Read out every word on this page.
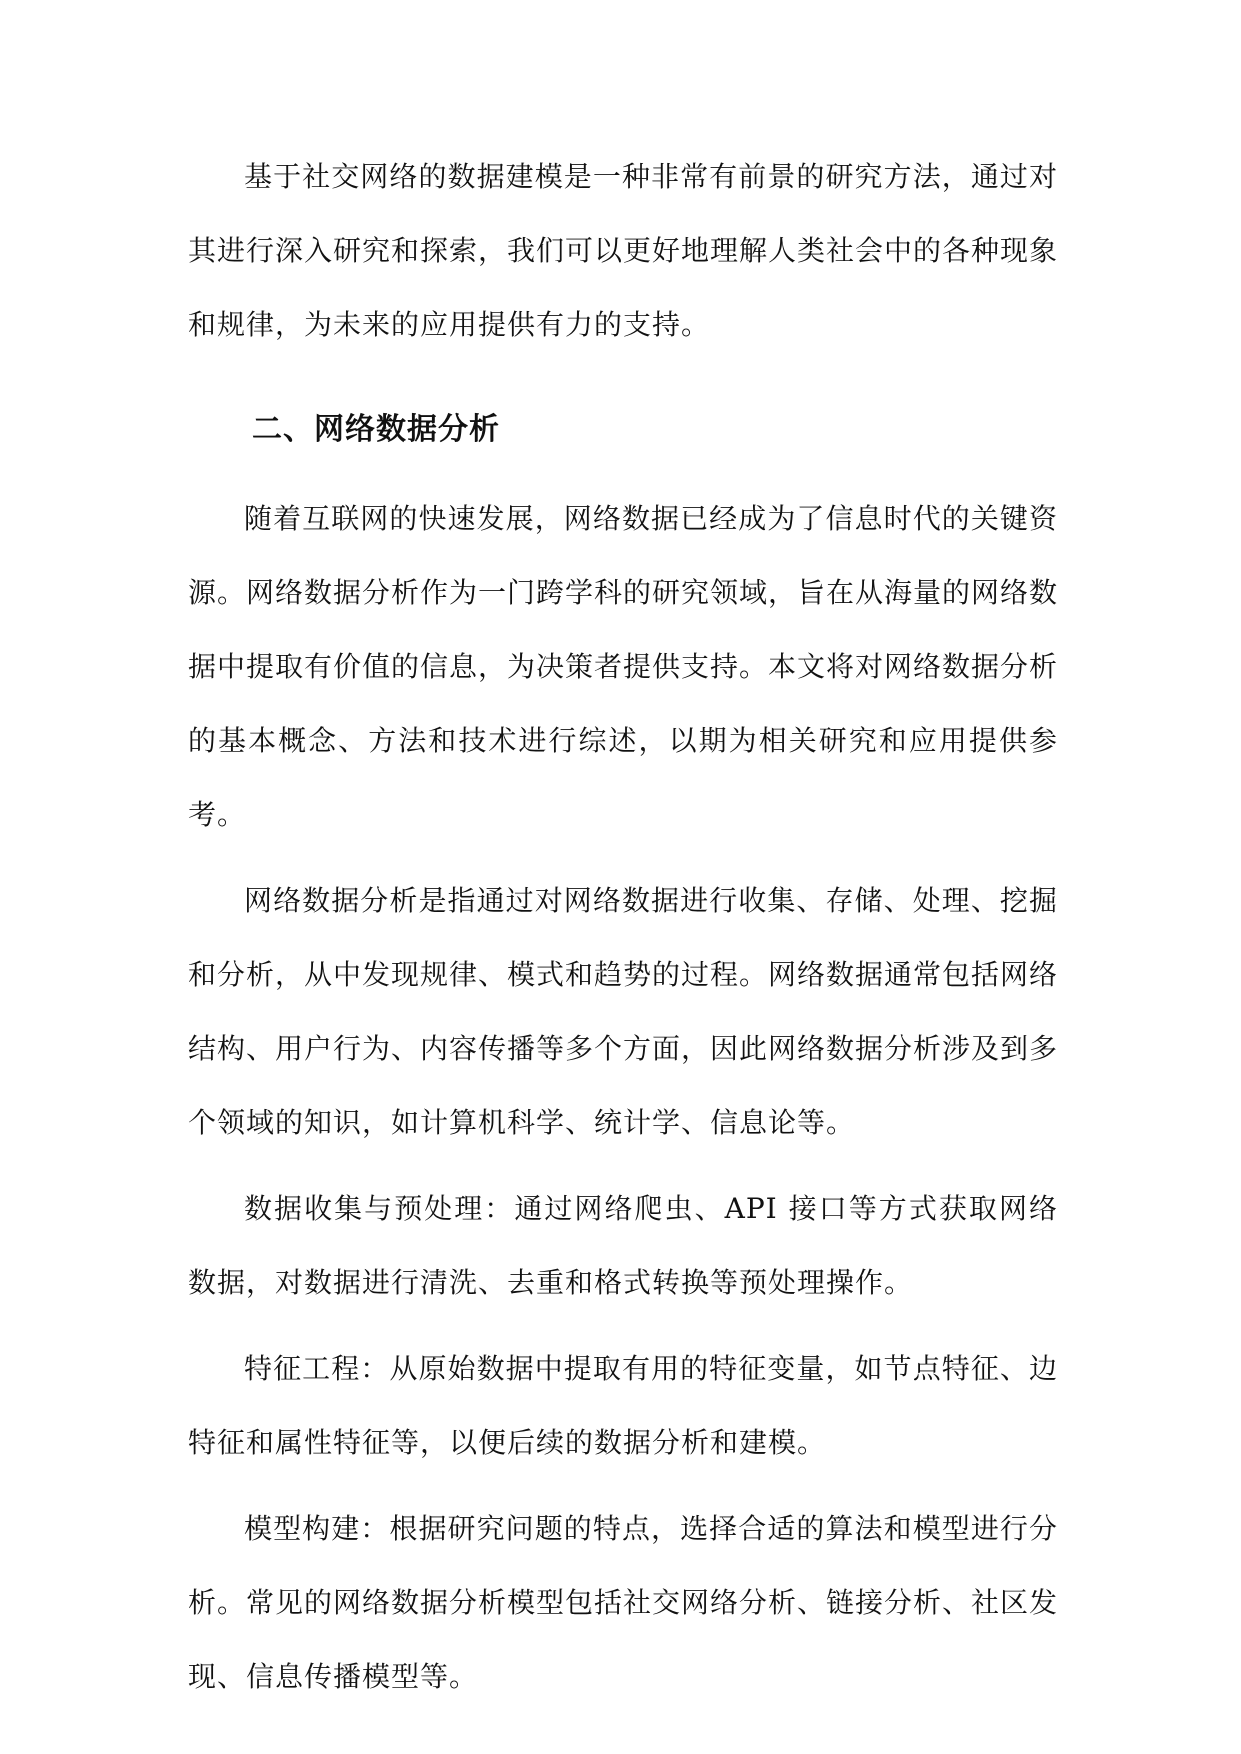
基于社交网络的数据建模是一种非常有前景的研究方法，通过对其进行深入研究和探索，我们可以更好地理解人类社会中的各种现象和规律，为未来的应用提供有力的支持。

二、网络数据分析

随着互联网的快速发展，网络数据已经成为了信息时代的关键资源。网络数据分析作为一门跨学科的研究领域，旨在从海量的网络数据中提取有价值的信息，为决策者提供支持。本文将对网络数据分析的基本概念、方法和技术进行综述，以期为相关研究和应用提供参考。

网络数据分析是指通过对网络数据进行收集、存储、处理、挖掘和分析，从中发现规律、模式和趋势的过程。网络数据通常包括网络结构、用户行为、内容传播等多个方面，因此网络数据分析涉及到多个领域的知识，如计算机科学、统计学、信息论等。

数据收集与预处理：通过网络爬虫、API 接口等方式获取网络数据，对数据进行清洗、去重和格式转换等预处理操作。

特征工程：从原始数据中提取有用的特征变量，如节点特征、边特征和属性特征等，以便后续的数据分析和建模。

模型构建：根据研究问题的特点，选择合适的算法和模型进行分析。常见的网络数据分析模型包括社交网络分析、链接分析、社区发现、信息传播模型等。
